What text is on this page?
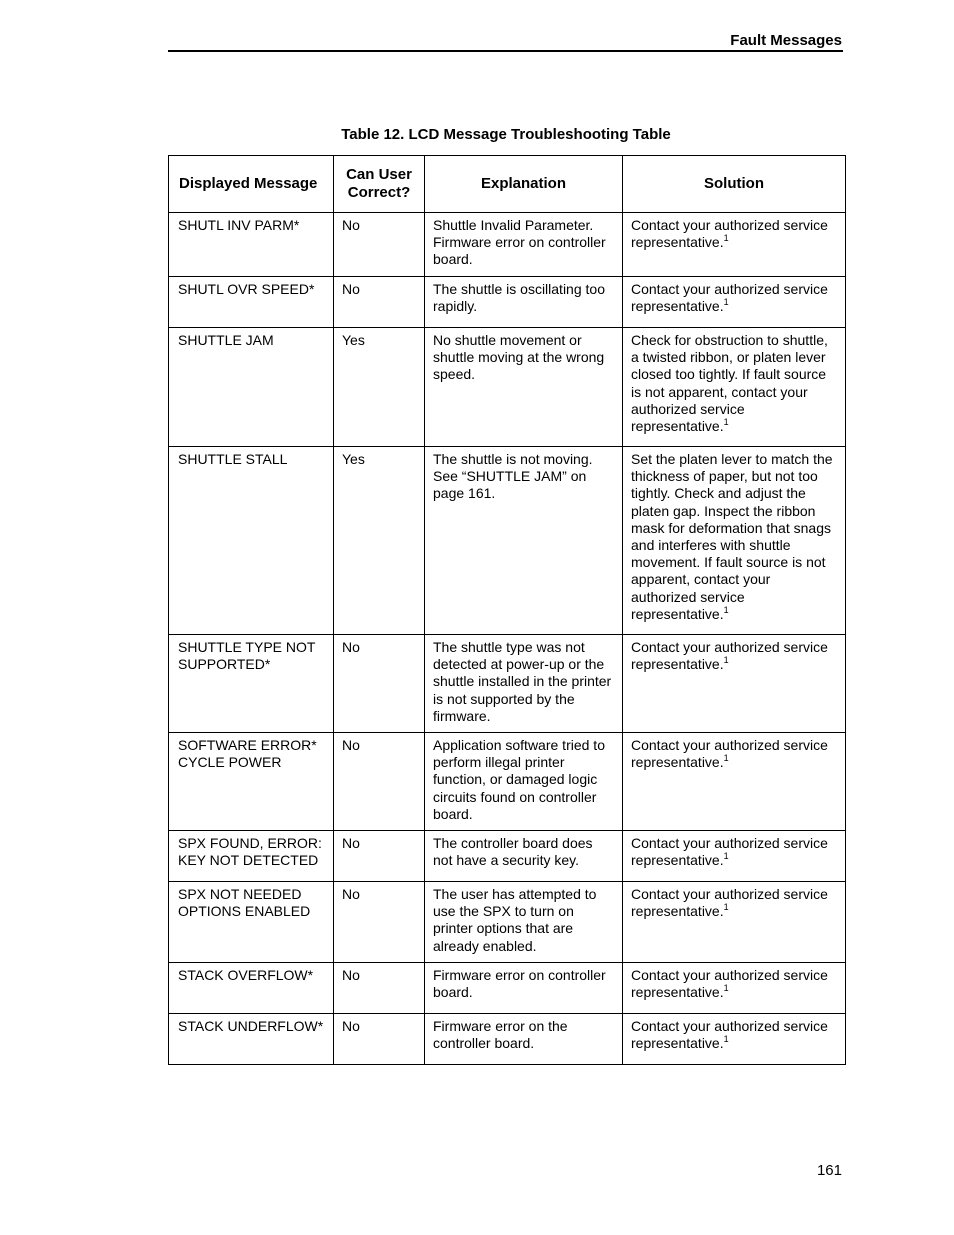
Fault Messages
Table 12. LCD Message Troubleshooting Table
Displayed Message	Can User Correct?	Explanation	Solution
SHUTL INV PARM*	No	Shuttle Invalid Parameter. Firmware error on controller board.	Contact your authorized service representative.$^1$
SHUTL OVR SPEED*	No	The shuttle is oscillating too rapidly.	Contact your authorized service representative.$^1$
SHUTTLE JAM	Yes	No shuttle movement or shuttle moving at the wrong speed.	Check for obstruction to shuttle, a twisted ribbon, or platen lever closed too tightly. If fault source is not apparent, contact your authorized service representative.$^1$
SHUTTLE STALL	Yes	The shuttle is not moving. See “SHUTTLE JAM” on page 161.	Set the platen lever to match the thickness of paper, but not too tightly. Check and adjust the platen gap. Inspect the ribbon mask for deformation that snags and interferes with shuttle movement. If fault source is not apparent, contact your authorized service representative.$^1$
SHUTTLE TYPE NOT SUPPORTED*	No	The shuttle type was not detected at power-up or the shuttle installed in the printer is not supported by the firmware.	Contact your authorized service representative.$^1$
SOFTWARE ERROR* CYCLE POWER	No	Application software tried to perform illegal printer function, or damaged logic circuits found on controller board.	Contact your authorized service representative.$^1$
SPX FOUND, ERROR: KEY NOT DETECTED	No	The controller board does not have a security key.	Contact your authorized service representative.$^1$
SPX NOT NEEDED OPTIONS ENABLED	No	The user has attempted to use the SPX to turn on printer options that are already enabled.	Contact your authorized service representative.$^1$
STACK OVERFLOW*	No	Firmware error on controller board.	Contact your authorized service representative.$^1$
STACK UNDERFLOW*	No	Firmware error on the controller board.	Contact your authorized service representative.$^1$
161
